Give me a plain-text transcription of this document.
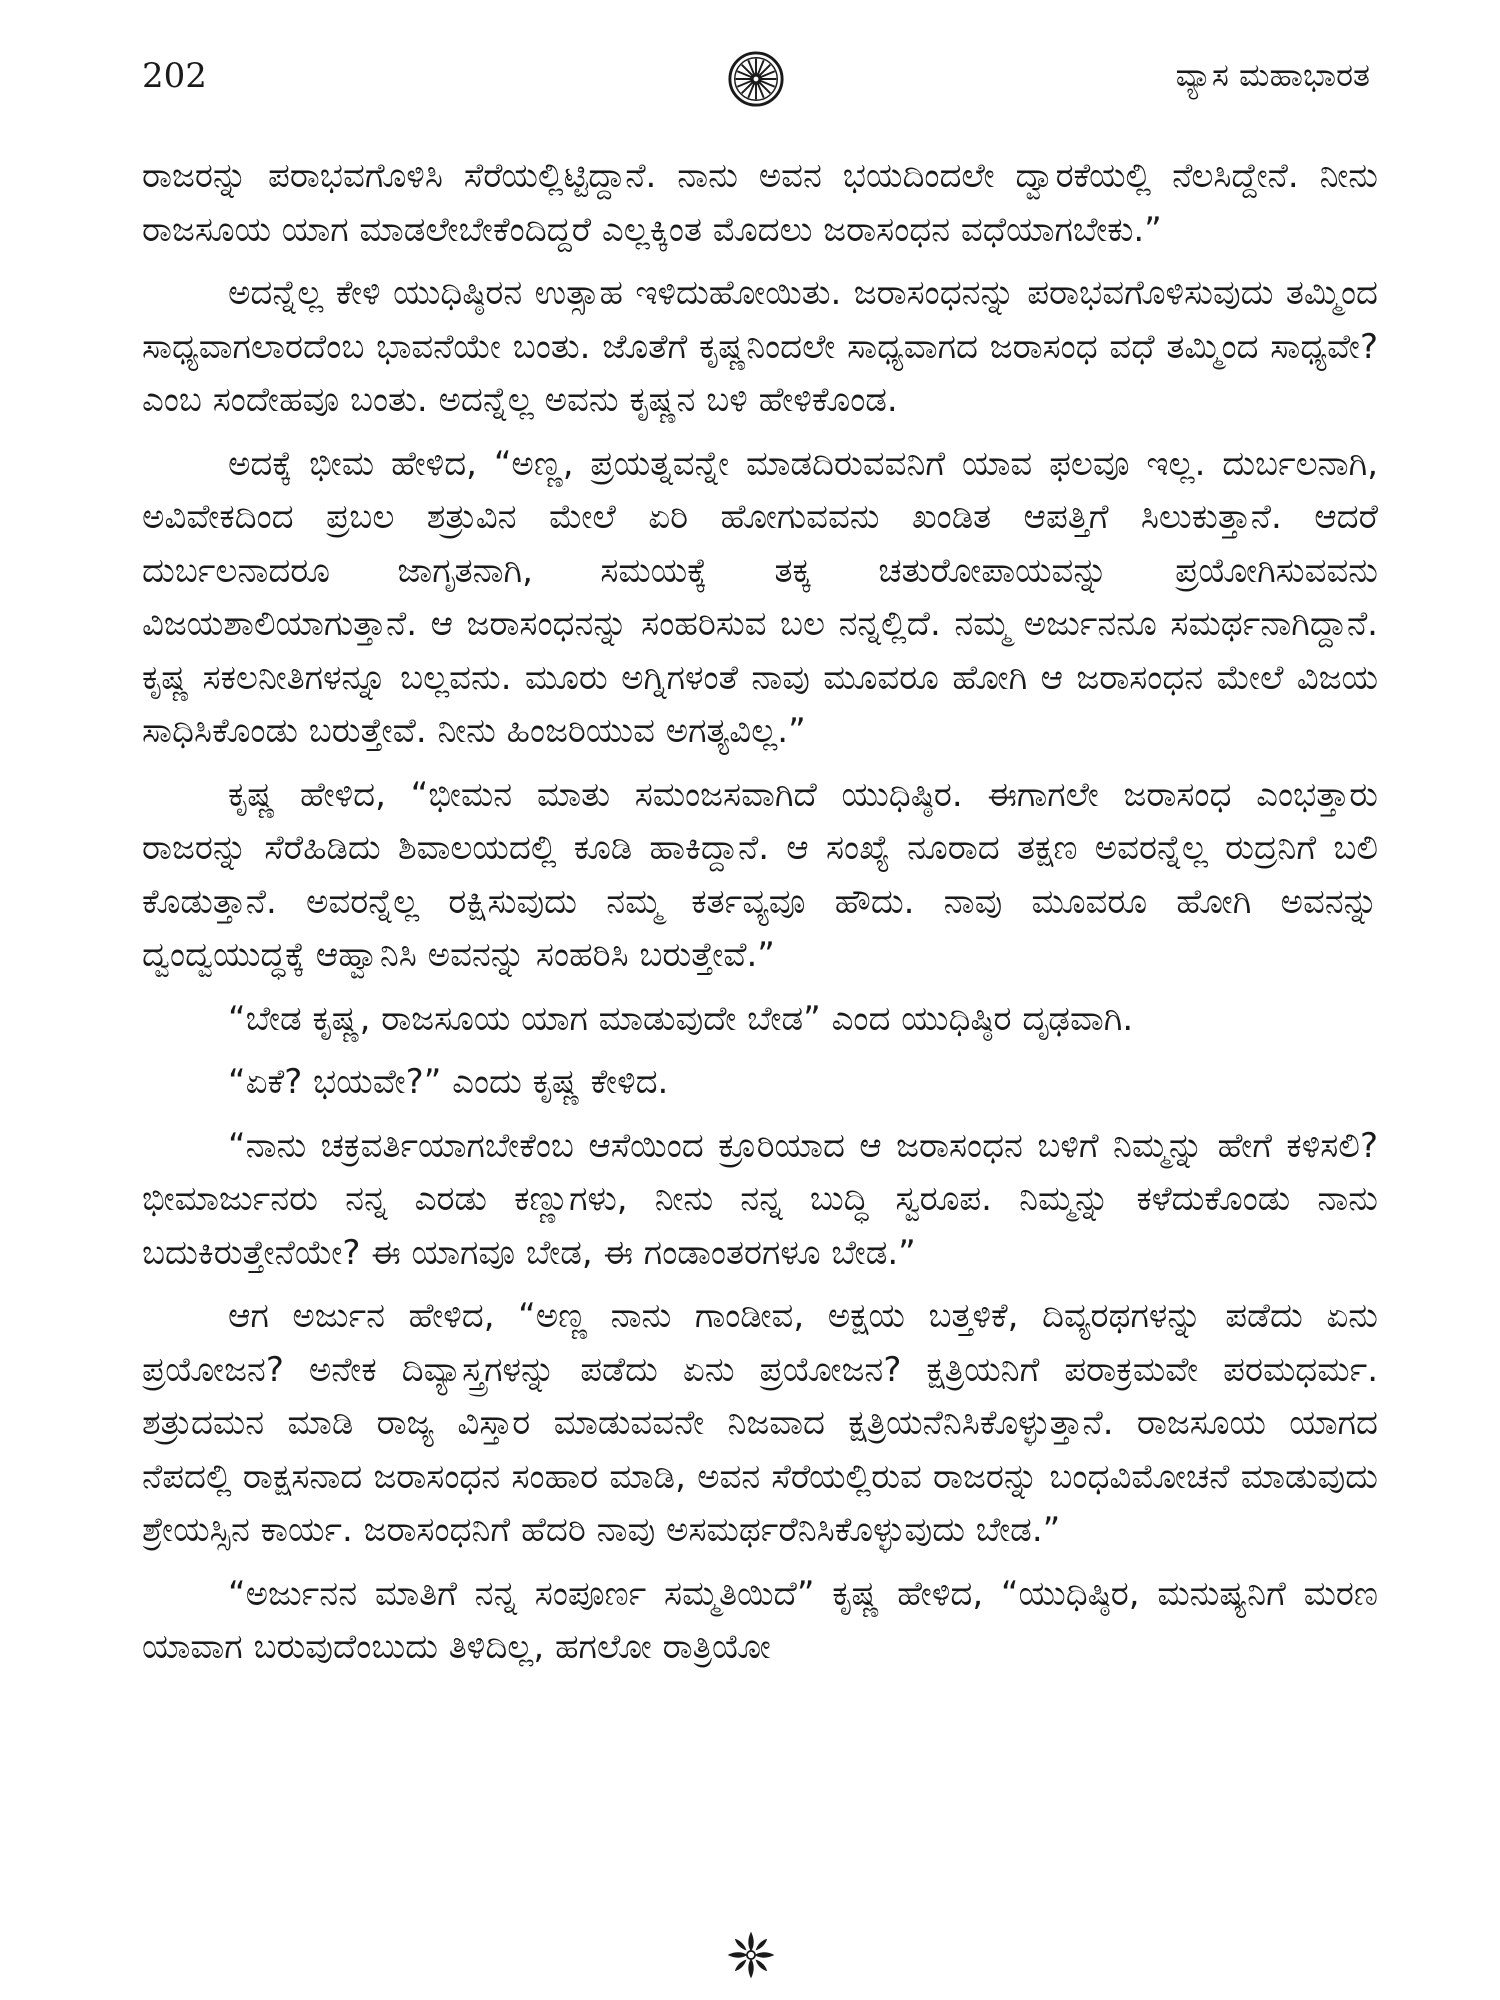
202	ವ್ಯಾಸ ಮಹಾಭಾರತ

ರಾಜರನ್ನು ಪರಾಭವಗೊಳಿಸಿ ಸೆರೆಯಲ್ಲಿಟ್ಟಿದ್ದಾನೆ. ನಾನು ಅವನ ಭಯದಿಂದಲೇ ದ್ವಾರಕೆಯಲ್ಲಿ ನೆಲಸಿದ್ದೇನೆ. ನೀನು ರಾಜಸೂಯ ಯಾಗ ಮಾಡಲೇಬೇಕೆಂದಿದ್ದರೆ ಎಲ್ಲಕ್ಕಿಂತ ಮೊದಲು ಜರಾಸಂಧನ ವಧೆಯಾಗಬೇಕು.”

ಅದನ್ನೆಲ್ಲ ಕೇಳಿ ಯುಧಿಷ್ಠಿರನ ಉತ್ಸಾಹ ಇಳಿದುಹೋಯಿತು. ಜರಾಸಂಧನನ್ನು ಪರಾಭವಗೊಳಿಸುವುದು ತಮ್ಮಿಂದ ಸಾಧ್ಯವಾಗಲಾರದೆಂಬ ಭಾವನೆಯೇ ಬಂತು. ಜೊತೆಗೆ ಕೃಷ್ಣನಿಂದಲೇ ಸಾಧ್ಯವಾಗದ ಜರಾಸಂಧ ವಧೆ ತಮ್ಮಿಂದ ಸಾಧ್ಯವೇ? ಎಂಬ ಸಂದೇಹವೂ ಬಂತು. ಅದನ್ನೆಲ್ಲ ಅವನು ಕೃಷ್ಣನ ಬಳಿ ಹೇಳಿಕೊಂಡ.

ಅದಕ್ಕೆ ಭೀಮ ಹೇಳಿದ, “ಅಣ್ಣ, ಪ್ರಯತ್ನವನ್ನೇ ಮಾಡದಿರುವವನಿಗೆ ಯಾವ ಫಲವೂ ಇಲ್ಲ. ದುರ್ಬಲನಾಗಿ, ಅವಿವೇಕದಿಂದ ಪ್ರಬಲ ಶತ್ರುವಿನ ಮೇಲೆ ಏರಿ ಹೋಗುವವನು ಖಂಡಿತ ಆಪತ್ತಿಗೆ ಸಿಲುಕುತ್ತಾನೆ. ಆದರೆ ದುರ್ಬಲನಾದರೂ ಜಾಗೃತನಾಗಿ, ಸಮಯಕ್ಕೆ ತಕ್ಕ ಚತುರೋಪಾಯವನ್ನು ಪ್ರಯೋಗಿಸುವವನು ವಿಜಯಶಾಲಿಯಾಗುತ್ತಾನೆ. ಆ ಜರಾಸಂಧನನ್ನು ಸಂಹರಿಸುವ ಬಲ ನನ್ನಲ್ಲಿದೆ. ನಮ್ಮ ಅರ್ಜುನನೂ ಸಮರ್ಥನಾಗಿದ್ದಾನೆ. ಕೃಷ್ಣ ಸಕಲನೀತಿಗಳನ್ನೂ ಬಲ್ಲವನು. ಮೂರು ಅಗ್ನಿಗಳಂತೆ ನಾವು ಮೂವರೂ ಹೋಗಿ ಆ ಜರಾಸಂಧನ ಮೇಲೆ ವಿಜಯ ಸಾಧಿಸಿಕೊಂಡು ಬರುತ್ತೇವೆ. ನೀನು ಹಿಂಜರಿಯುವ ಅಗತ್ಯವಿಲ್ಲ.”

ಕೃಷ್ಣ ಹೇಳಿದ, “ಭೀಮನ ಮಾತು ಸಮಂಜಸವಾಗಿದೆ ಯುಧಿಷ್ಠಿರ. ಈಗಾಗಲೇ ಜರಾಸಂಧ ಎಂಭತ್ತಾರು ರಾಜರನ್ನು ಸೆರೆಹಿಡಿದು ಶಿವಾಲಯದಲ್ಲಿ ಕೂಡಿ ಹಾಕಿದ್ದಾನೆ. ಆ ಸಂಖ್ಯೆ ನೂರಾದ ತಕ್ಷಣ ಅವರನ್ನೆಲ್ಲ ರುದ್ರನಿಗೆ ಬಲಿ ಕೊಡುತ್ತಾನೆ. ಅವರನ್ನೆಲ್ಲ ರಕ್ಷಿಸುವುದು ನಮ್ಮ ಕರ್ತವ್ಯವೂ ಹೌದು. ನಾವು ಮೂವರೂ ಹೋಗಿ ಅವನನ್ನು ದ್ವಂದ್ವಯುದ್ಧಕ್ಕೆ ಆಹ್ವಾನಿಸಿ ಅವನನ್ನು ಸಂಹರಿಸಿ ಬರುತ್ತೇವೆ.”

“ಬೇಡ ಕೃಷ್ಣ, ರಾಜಸೂಯ ಯಾಗ ಮಾಡುವುದೇ ಬೇಡ” ಎಂದ ಯುಧಿಷ್ಠಿರ ದೃಢವಾಗಿ.

“ಏಕೆ? ಭಯವೇ?” ಎಂದು ಕೃಷ್ಣ ಕೇಳಿದ.

“ನಾನು ಚಕ್ರವರ್ತಿಯಾಗಬೇಕೆಂಬ ಆಸೆಯಿಂದ ಕ್ರೂರಿಯಾದ ಆ ಜರಾಸಂಧನ ಬಳಿಗೆ ನಿಮ್ಮನ್ನು ಹೇಗೆ ಕಳಿಸಲಿ? ಭೀಮಾರ್ಜುನರು ನನ್ನ ಎರಡು ಕಣ್ಣುಗಳು, ನೀನು ನನ್ನ ಬುದ್ಧಿ ಸ್ವರೂಪ. ನಿಮ್ಮನ್ನು ಕಳೆದುಕೊಂಡು ನಾನು ಬದುಕಿರುತ್ತೇನೆಯೇ? ಈ ಯಾಗವೂ ಬೇಡ, ಈ ಗಂಡಾಂತರಗಳೂ ಬೇಡ.”

ಆಗ ಅರ್ಜುನ ಹೇಳಿದ, “ಅಣ್ಣ ನಾನು ಗಾಂಡೀವ, ಅಕ್ಷಯ ಬತ್ತಳಿಕೆ, ದಿವ್ಯರಥಗಳನ್ನು ಪಡೆದು ಏನು ಪ್ರಯೋಜನ? ಅನೇಕ ದಿವ್ಯಾಸ್ತ್ರಗಳನ್ನು ಪಡೆದು ಏನು ಪ್ರಯೋಜನ? ಕ್ಷತ್ರಿಯನಿಗೆ ಪರಾಕ್ರಮವೇ ಪರಮಧರ್ಮ. ಶತ್ರುದಮನ ಮಾಡಿ ರಾಜ್ಯ ವಿಸ್ತಾರ ಮಾಡುವವನೇ ನಿಜವಾದ ಕ್ಷತ್ರಿಯನೆನಿಸಿಕೊಳ್ಳುತ್ತಾನೆ. ರಾಜಸೂಯ ಯಾಗದ ನೆಪದಲ್ಲಿ ರಾಕ್ಷಸನಾದ ಜರಾಸಂಧನ ಸಂಹಾರ ಮಾಡಿ, ಅವನ ಸೆರೆಯಲ್ಲಿರುವ ರಾಜರನ್ನು ಬಂಧವಿಮೋಚನೆ ಮಾಡುವುದು ಶ್ರೇಯಸ್ಸಿನ ಕಾರ್ಯ. ಜರಾಸಂಧನಿಗೆ ಹೆದರಿ ನಾವು ಅಸಮರ್ಥರೆನಿಸಿಕೊಳ್ಳುವುದು ಬೇಡ.”

“ಅರ್ಜುನನ ಮಾತಿಗೆ ನನ್ನ ಸಂಪೂರ್ಣ ಸಮ್ಮತಿಯಿದೆ” ಕೃಷ್ಣ ಹೇಳಿದ, “ಯುಧಿಷ್ಠಿರ, ಮನುಷ್ಯನಿಗೆ ಮರಣ ಯಾವಾಗ ಬರುವುದೆಂಬುದು ತಿಳಿದಿಲ್ಲ, ಹಗಲೋ ರಾತ್ರಿಯೋ
